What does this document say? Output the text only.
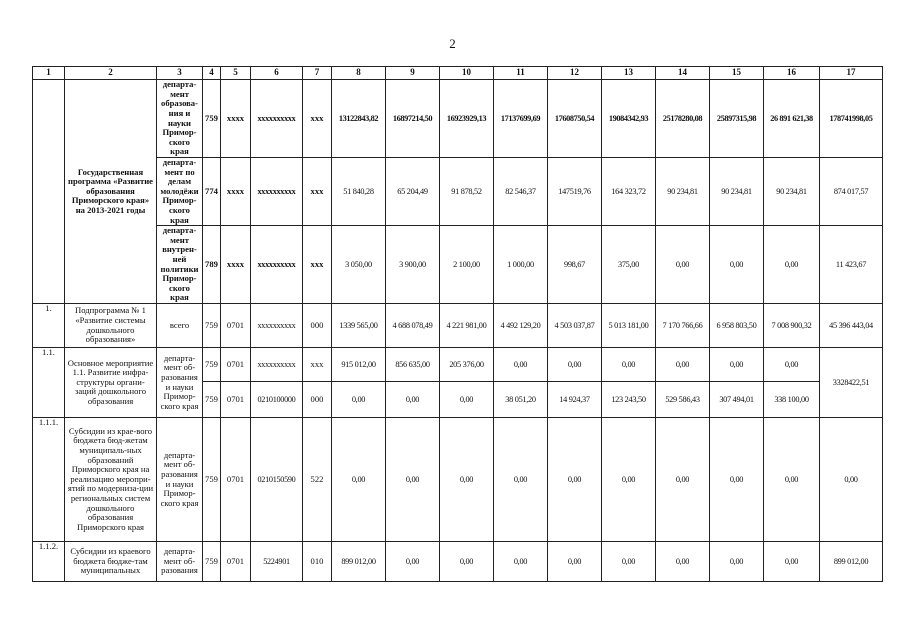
2
1	2	3	4	5	6	7	8	9	10	11	12	13	14	15	16	17
	Государственная программа «Развитие образования Приморского края» на 2013-2021 годы	департа-мент образова-ния и науки Примор-ского края	759	хххх	хххххххххх	ххх	13122843,82	16897214,50	16923929,13	17137699,69	17608750,54	19084342,93	25178280,08	25897315,98	26 891 621,38	178741998,05
		департа-мент по делам молодёжи Примор-ского края	774	хххх	хххххххххх	ххх	51 840,28	65 204,49	91 878,52	82 546,37	147519,76	164 323,72	90 234,81	90 234,81	90 234,81	874 017,57
		департа-мент внутрен-ней политики Примор-ского края	789	хххх	хххххххххх	ххх	3 050,00	3 900,00	2 100,00	1 000,00	998,67	375,00	0,00	0,00	0,00	11 423,67
1.	Подпрограмма № 1 «Развитие системы дошкольного образования»	всего	759	0701	хххххххххх	000	1339 565,00	4 688 078,49	4 221 981,00	4 492 129,20	4 503 037,87	5 013 181,00	7 170 766,66	6 958 803,50	7 008 900,32	45 396 443,04
1.1.	Основное мероприятие 1.1. Развитие инфра-структуры органи-заций дошкольного образования	департа-мент об-разования и науки Примор-ского края	759	0701	хххххххххх	ххх	915 012,00	856 635,00	205 376,00	0,00	0,00	0,00	0,00	0,00	0,00	3328422,51
			759	0701	0210100000	000	0,00	0,00	0,00	38 051,20	14 924,37	123 243,50	529 586,43	307 494,01	338 100,00	
1.1.1.	Субсидии из крае-вого бюджета бюд-жетам муниципаль-ных образований Приморского края на реализацию меропри-ятий по модерниза-ции региональных систем дошкольного образования Приморского края	департа-мент об-разования и науки Примор-ского края	759	0701	0210150590	522	0,00	0,00	0,00	0,00	0,00	0,00	0,00	0,00	0,00	0,00
1.1.2.	Субсидии из краевого бюджета бюдже-там муниципальных	департа-мент об-разования	759	0701	5224901	010	899 012,00	0,00	0,00	0,00	0,00	0,00	0,00	0,00	0,00	899 012,00
